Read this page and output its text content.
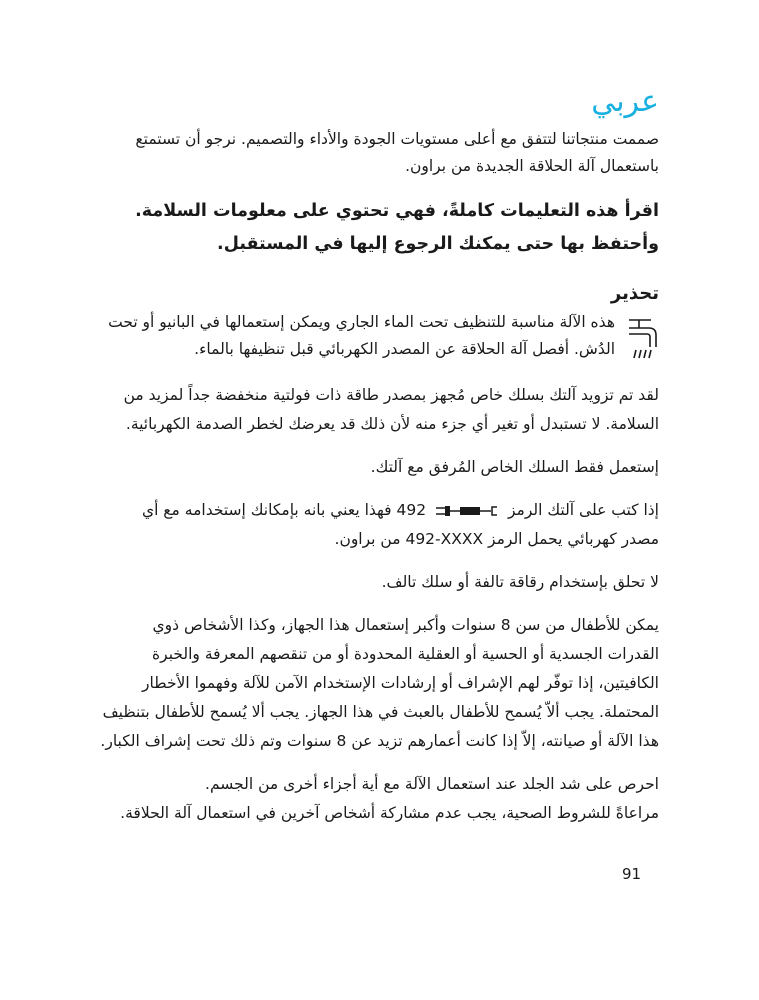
عربي

صممت منتجاتنا لتتفق مع أعلى مستويات الجودة والأداء والتصميم. نرجو أن تستمتع باستعمال آلة الحلاقة الجديدة من براون.

اقرأ هذه التعليمات كاملةً، فهي تحتوي على معلومات السلامة.
وأحتفظ بها حتى يمكنك الرجوع إليها في المستقبل.
تحذير

هذه الآلة مناسبة للتنظيف تحت الماء الجاري ويمكن إستعمالها في البانيو أو تحت الدُش. أفصل آلة الحلاقة عن المصدر الكهربائي قبل تنظيفها بالماء.

لقد تم تزويد آلتك بسلك خاص مُجهز بمصدر طاقة ذات فولتية منخفضة جداً لمزيد من السلامة. لا تستبدل أو تغير أي جزء منه لأن ذلك قد يعرضك لخطر الصدمة الكهربائية.

إستعمل فقط السلك الخاص المُرفق مع آلتك.

إذا كتب على آلتك الرمز  492 فهذا يعني بانه بإمكانك إستخدامه مع أي مصدر كهربائي يحمل الرمز 492-XXXX من براون.

لا تحلق بإستخدام رقاقة تالفة أو سلك تالف.

يمكن للأطفال من سن 8 سنوات وأكبر إستعمال هذا الجهاز، وكذا الأشخاص ذوي القدرات الجسدية أو الحسية أو العقلية المحدودة أو من تنقصهم المعرفة والخبرة الكافيتين، إذا توفّر لهم الإشراف أو إرشادات الإستخدام الآمن للآلة وفهموا الأخطار المحتملة. يجب ألاّ يُسمح للأطفال بالعبث في هذا الجهاز. يجب ألا يُسمح للأطفال بتنظيف هذا الآلة أو صيانته، إلاّ إذا كانت أعمارهم تزيد عن 8 سنوات وتم ذلك تحت إشراف الكبار.

احرص على شد الجلد عند استعمال الآلة مع أية أجزاء أخرى من الجسم.

مراعاةً للشروط الصحية، يجب عدم مشاركة أشخاص آخرين في استعمال آلة الحلاقة.

91
